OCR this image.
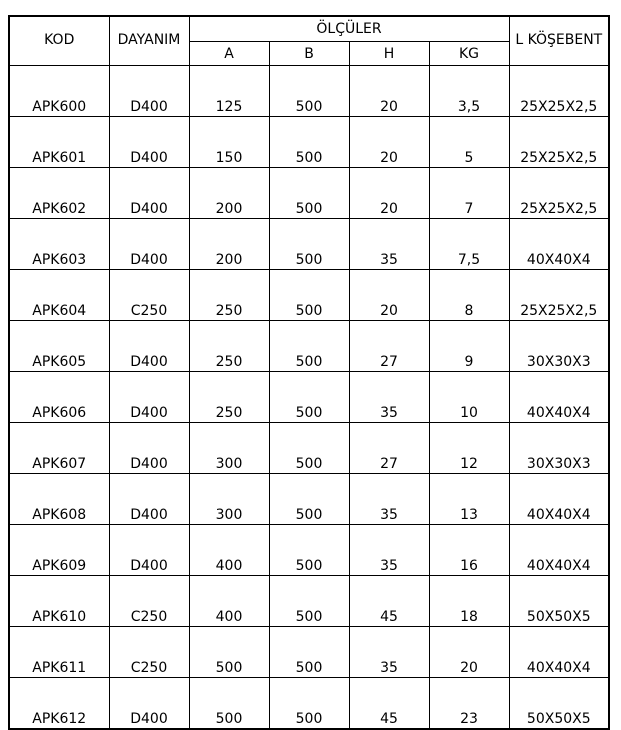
KOD	DAYANIM	ÖLÇÜLER				L KÖŞEBENT
		A	B	H	KG	
APK600	D400	125	500	20	3,5	25X25X2,5
APK601	D400	150	500	20	5	25X25X2,5
APK602	D400	200	500	20	7	25X25X2,5
APK603	D400	200	500	35	7,5	40X40X4
APK604	C250	250	500	20	8	25X25X2,5
APK605	D400	250	500	27	9	30X30X3
APK606	D400	250	500	35	10	40X40X4
APK607	D400	300	500	27	12	30X30X3
APK608	D400	300	500	35	13	40X40X4
APK609	D400	400	500	35	16	40X40X4
APK610	C250	400	500	45	18	50X50X5
APK611	C250	500	500	35	20	40X40X4
APK612	D400	500	500	45	23	50X50X5
